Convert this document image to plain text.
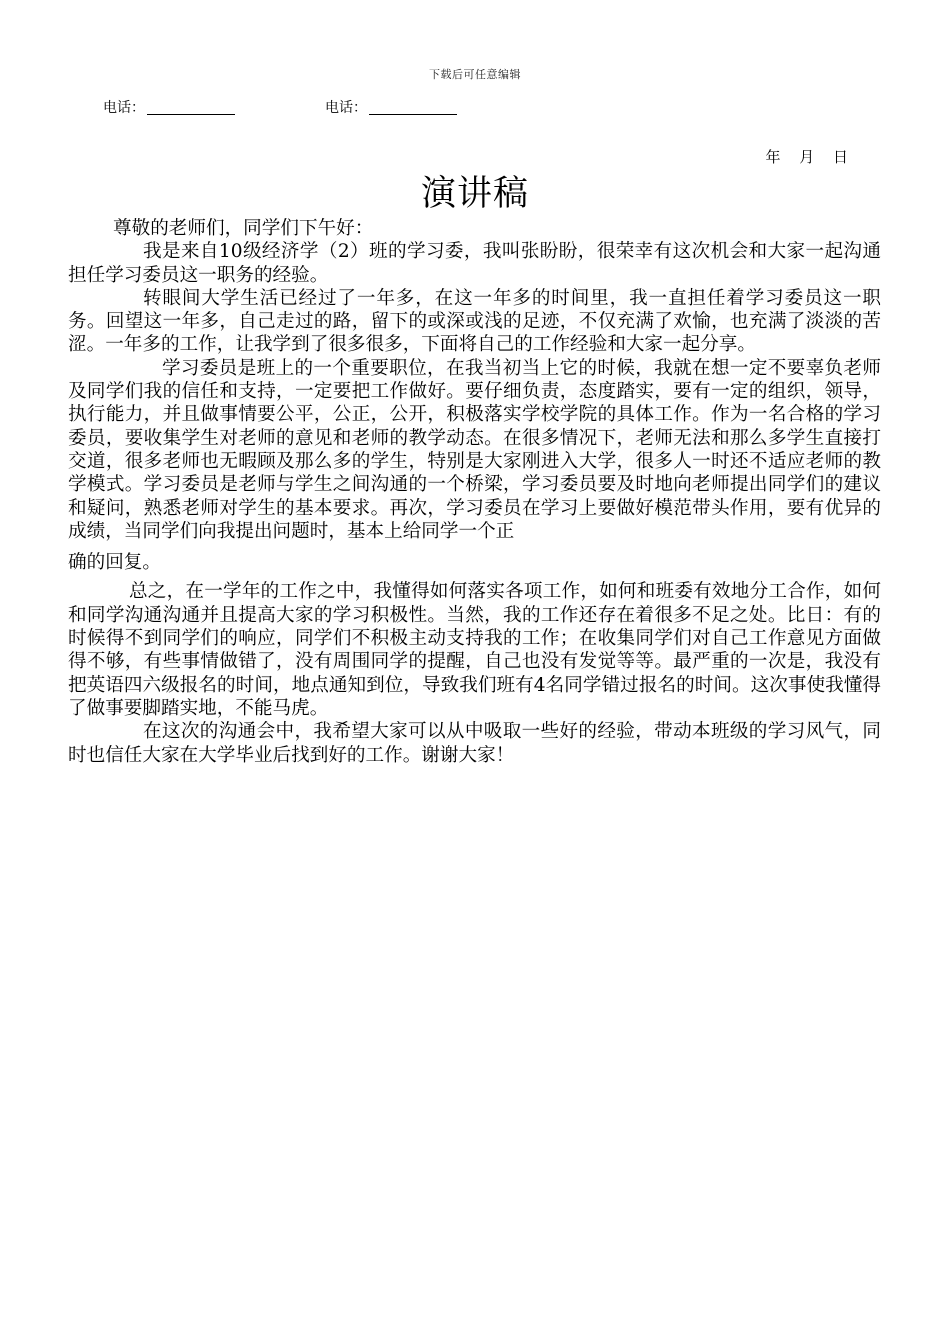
下载后可任意编辑
电话：	电话：
年 月 日
演讲稿

尊敬的老师们，同学们下午好：

我是来自10级经济学（2）班的学习委，我叫张盼盼，很荣幸有这次机会和大家一起沟通担任学习委员这一职务的经验。

转眼间大学生活已经过了一年多，在这一年多的时间里，我一直担任着学习委员这一职务。回望这一年多，自己走过的路，留下的或深或浅的足迹，不仅充满了欢愉，也充满了淡淡的苦涩。一年多的工作，让我学到了很多很多，下面将自己的工作经验和大家一起分享。

学习委员是班上的一个重要职位，在我当初当上它的时候，我就在想一定不要辜负老师及同学们我的信任和支持，一定要把工作做好。要仔细负责，态度踏实，要有一定的组织，领导，执行能力，并且做事情要公平，公正，公开，积极落实学校学院的具体工作。作为一名合格的学习委员，要收集学生对老师的意见和老师的教学动态。在很多情况下，老师无法和那么多学生直接打交道，很多老师也无暇顾及那么多的学生，特别是大家刚进入大学，很多人一时还不适应老师的教学模式。学习委员是老师与学生之间沟通的一个桥梁，学习委员要及时地向老师提出同学们的建议和疑问，熟悉老师对学生的基本要求。再次，学习委员在学习上要做好模范带头作用，要有优异的成绩，当同学们向我提出问题时，基本上给同学一个正

确的回复。

总之，在一学年的工作之中，我懂得如何落实各项工作，如何和班委有效地分工合作，如何和同学沟通沟通并且提高大家的学习积极性。当然，我的工作还存在着很多不足之处。比日：有的时候得不到同学们的响应，同学们不积极主动支持我的工作；在收集同学们对自己工作意见方面做得不够，有些事情做错了，没有周围同学的提醒，自己也没有发觉等等。最严重的一次是，我没有把英语四六级报名的时间，地点通知到位，导致我们班有4名同学错过报名的时间。这次事使我懂得了做事要脚踏实地，不能马虎。

在这次的沟通会中，我希望大家可以从中吸取一些好的经验，带动本班级的学习风气，同时也信任大家在大学毕业后找到好的工作。谢谢大家！
